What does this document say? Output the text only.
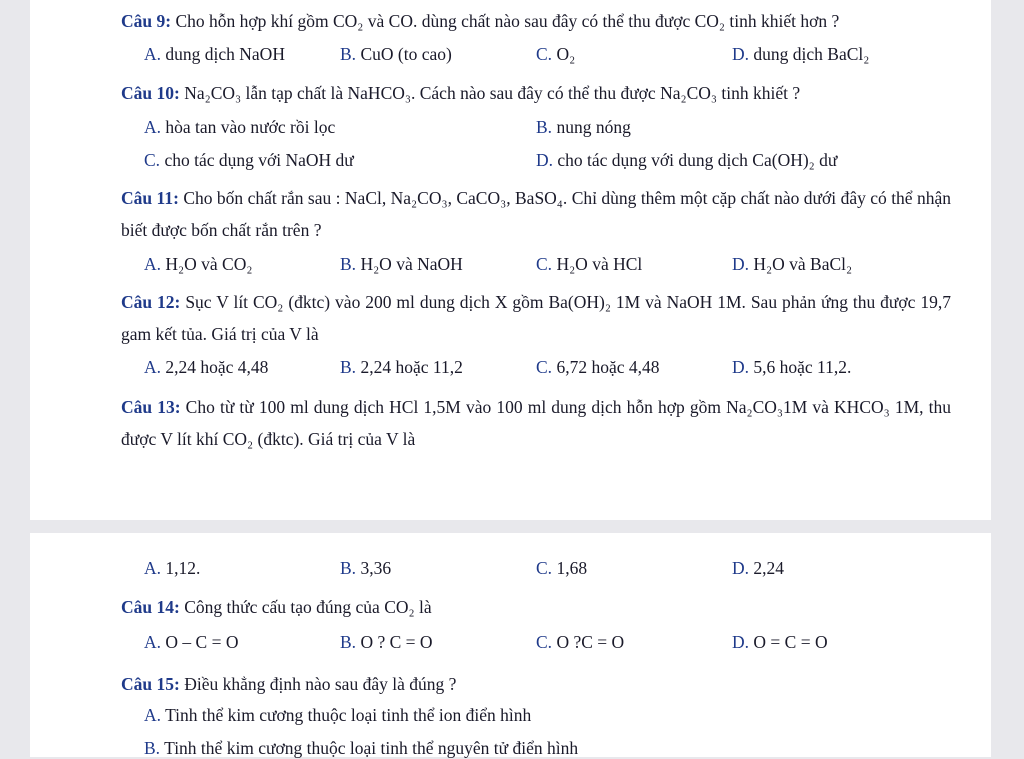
Câu 9: Cho hỗn hợp khí gồm CO₂ và CO. dùng chất nào sau đây có thể thu được CO₂ tinh khiết hơn ?
A. dung dịch NaOH	B. CuO (to cao)	C. O₂	D. dung dịch BaCl₂
Câu 10: Na₂CO₃ lẫn tạp chất là NaHCO₃. Cách nào sau đây có thể thu được Na₂CO₃ tinh khiết ?
A. hòa tan vào nước rồi lọc	B. nung nóng
C. cho tác dụng với NaOH dư	D. cho tác dụng với dung dịch Ca(OH)₂ dư
Câu 11: Cho bốn chất rắn sau : NaCl, Na₂CO₃, CaCO₃, BaSO₄. Chỉ dùng thêm một cặp chất nào dưới đây có thể nhận biết được bốn chất rắn trên ?
A. H₂O và CO₂	B. H₂O và NaOH	C. H₂O và HCl	D. H₂O và BaCl₂
Câu 12: Sục V lít CO₂ (đktc) vào 200 ml dung dịch X gồm Ba(OH)₂ 1M và NaOH 1M. Sau phản ứng thu được 19,7 gam kết tủa. Giá trị của V là
A. 2,24 hoặc 4,48	B. 2,24 hoặc 11,2	C. 6,72 hoặc 4,48	D. 5,6 hoặc 11,2.
Câu 13: Cho từ từ 100 ml dung dịch HCl 1,5M vào 100 ml dung dịch hỗn hợp gồm Na₂CO₃1M và KHCO₃ 1M, thu được V lít khí CO₂ (đktc). Giá trị của V là
A. 1,12.	B. 3,36	C. 1,68	D. 2,24
Câu 14: Công thức cấu tạo đúng của CO₂ là
A. O – C = O	B. O ? C = O	C. O ?C = O	D. O = C = O
Câu 15: Điều khẳng định nào sau đây là đúng ?
A. Tinh thể kim cương thuộc loại tinh thể ion điển hình
B. Tinh thể kim cương thuộc loại tinh thể nguyên tử điển hình
